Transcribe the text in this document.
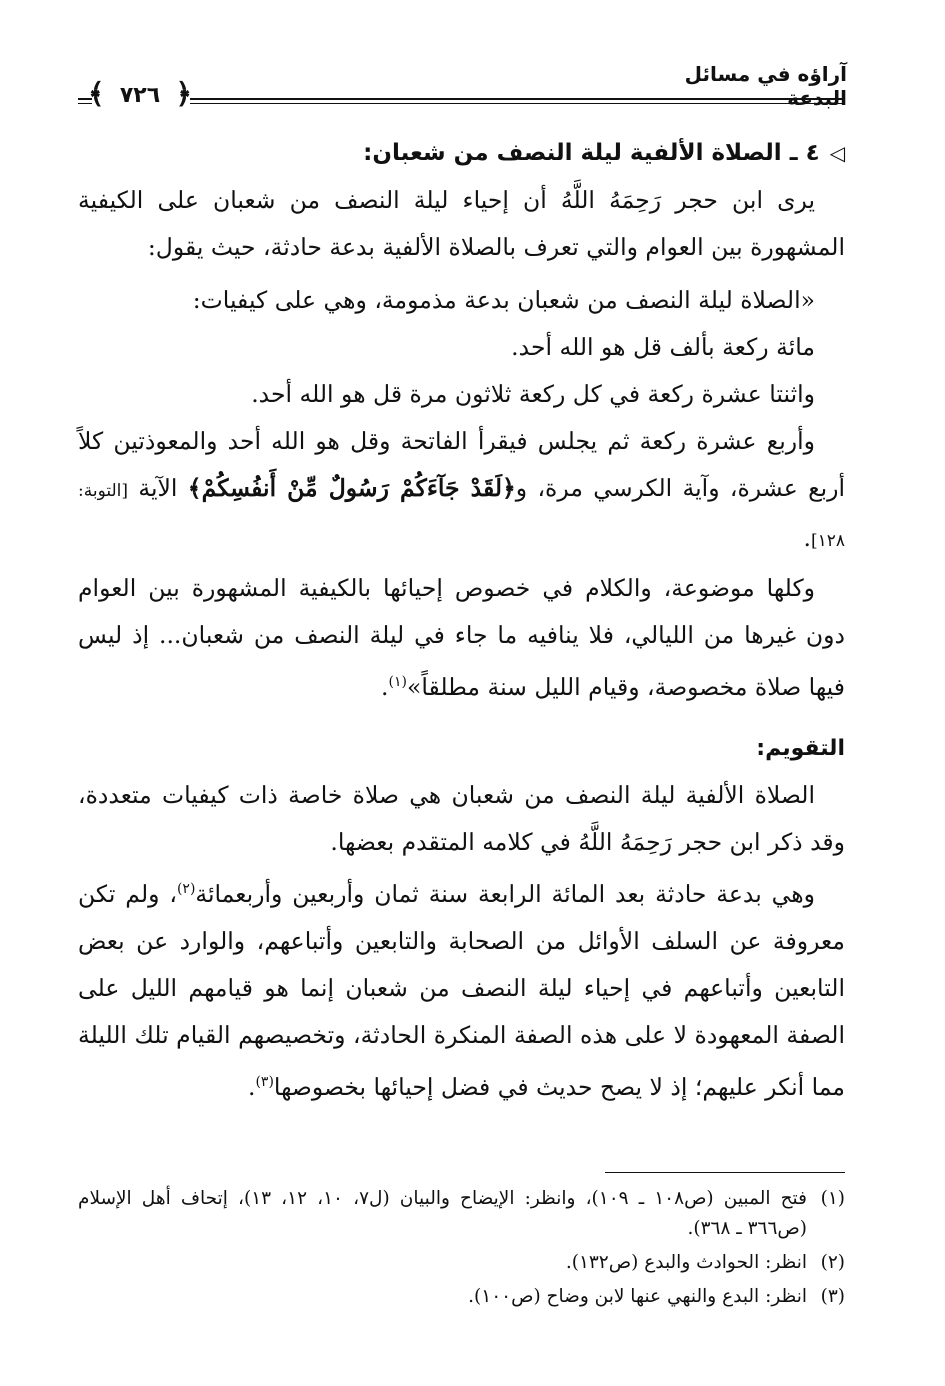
آراؤه في مسائل البدعة
﴾ ٧٢٦ ﴿
◁٤ ـ الصلاة الألفية ليلة النصف من شعبان:

يرى ابن حجر رَحِمَهُ اللَّهُ أن إحياء ليلة النصف من شعبان على الكيفية المشهورة بين العوام والتي تعرف بالصلاة الألفية بدعة حادثة، حيث يقول:

«الصلاة ليلة النصف من شعبان بدعة مذمومة، وهي على كيفيات:

مائة ركعة بألف قل هو الله أحد.

واثنتا عشرة ركعة في كل ركعة ثلاثون مرة قل هو الله أحد.

وأربع عشرة ركعة ثم يجلس فيقرأ الفاتحة وقل هو الله أحد والمعوذتين كلاً أربع عشرة، وآية الكرسي مرة، و﴿لَقَدْ جَآءَكُمْ رَسُولٌ مِّنْ أَنفُسِكُمْ﴾ الآية [التوبة: ١٢٨].

وكلها موضوعة، والكلام في خصوص إحيائها بالكيفية المشهورة بين العوام دون غيرها من الليالي، فلا ينافيه ما جاء في ليلة النصف من شعبان... إذ ليس فيها صلاة مخصوصة، وقيام الليل سنة مطلقاً»$^{(١)}$.

التقويم:

الصلاة الألفية ليلة النصف من شعبان هي صلاة خاصة ذات كيفيات متعددة، وقد ذكر ابن حجر رَحِمَهُ اللَّهُ في كلامه المتقدم بعضها.

وهي بدعة حادثة بعد المائة الرابعة سنة ثمان وأربعين وأربعمائة$^{(٢)}$، ولم تكن معروفة عن السلف الأوائل من الصحابة والتابعين وأتباعهم، والوارد عن بعض التابعين وأتباعهم في إحياء ليلة النصف من شعبان إنما هو قيامهم الليل على الصفة المعهودة لا على هذه الصفة المنكرة الحادثة، وتخصيصهم القيام تلك الليلة مما أنكر عليهم؛ إذ لا يصح حديث في فضل إحيائها بخصوصها$^{(٣)}$.

(١)
فتح المبين (ص١٠٨ ـ ١٠٩)، وانظر: الإيضاح والبيان (ل٧، ١٠، ١٢، ١٣)، إتحاف أهل الإسلام (ص٣٦٦ ـ ٣٦٨).
(٢)
انظر: الحوادث والبدع (ص١٣٢).
(٣)
انظر: البدع والنهي عنها لابن وضاح (ص١٠٠).
